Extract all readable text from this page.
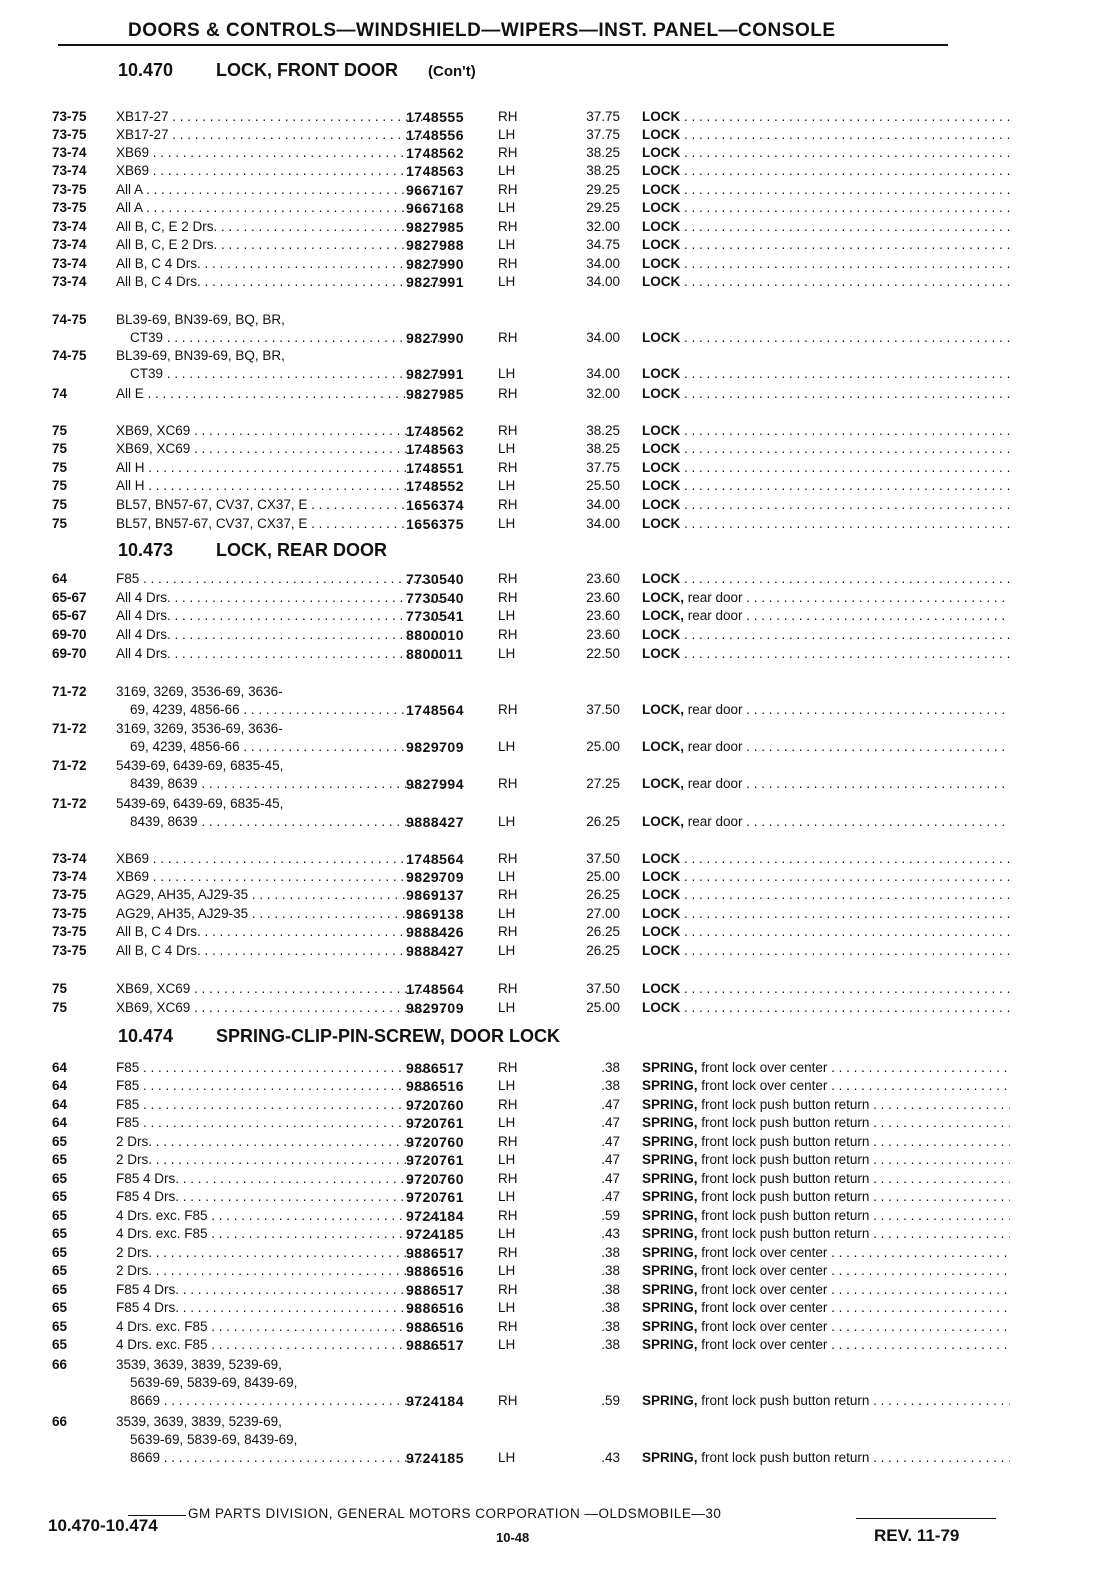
DOORS & CONTROLS—WINDSHIELD—WIPERS—INST. PANEL—CONSOLE
10.470 LOCK, FRONT DOOR (Con't)
10.473 LOCK, REAR DOOR
10.474 SPRING-CLIP-PIN-SCREW, DOOR LOCK
73-75 XB17-27 . . .	1748555	RH	37.75 LOCK . . .
73-75 XB17-27 . . .	1748556	LH	37.75 LOCK . . .
73-74 XB69 . . .	1748562	RH	38.25 LOCK . . .
73-74 XB69 . . .	1748563	LH	38.25 LOCK . . .
73-75 All A . . .	9667167	RH	29.25 LOCK . . .
73-75 All A . . .	9667168	LH	29.25 LOCK . . .
73-74 All B, C, E 2 Drs. . . .	9827985	RH	32.00 LOCK . . .
73-74 All B, C, E 2 Drs. . . .	9827988	LH	34.75 LOCK . . .
73-74 All B, C 4 Drs. . . .	9827990	RH	34.00 LOCK . . .
73-74 All B, C 4 Drs. . . .	9827991	LH	34.00 LOCK . . .
74-75 BL39-69, BN39-69, BQ, BR,
CT39 . . .	9827990	RH	34.00 LOCK . . .
74-75 BL39-69, BN39-69, BQ, BR,
CT39 . . .	9827991	LH	34.00 LOCK . . .
74	All E . . .	9827985	RH	32.00 LOCK . . .
75	XB69, XC69 . . .	1748562	RH	38.25 LOCK . . .
75	XB69, XC69 . . .	1748563	LH	38.25 LOCK . . .
75	All H . . .	1748551	RH	37.75 LOCK . . .
75	All H . . .	1748552	LH	25.50 LOCK . . .
75	BL57, BN57-67, CV37, CX37, E . . .	1656374	RH	34.00 LOCK . . .
75	BL57, BN57-67, CV37, CX37, E . . .	1656375	LH	34.00 LOCK . . .
64	F85 . . .	7730540	RH	23.60 LOCK . . .
65-67 All 4 Drs. . . .	7730540	RH	23.60 LOCK, rear door . . .
65-67 All 4 Drs. . . .	7730541	LH	23.60 LOCK, rear door . . .
69-70 All 4 Drs. . . .	8800010	RH	23.60 LOCK . . .
69-70 All 4 Drs. . . .	8800011	LH	22.50 LOCK . . .
71-72 3169, 3269, 3536-69, 3636-
69, 4239, 4856-66 . . .	1748564	RH	37.50 LOCK, rear door . . .
71-72 3169, 3269, 3536-69, 3636-
69, 4239, 4856-66 . . .	9829709	LH	25.00 LOCK, rear door . . .
71-72 5439-69, 6439-69, 6835-45,
8439, 8639 . . .	9827994	RH	27.25 LOCK, rear door . . .
71-72 5439-69, 6439-69, 6835-45,
8439, 8639 . . .	9888427	LH	26.25 LOCK, rear door . . .
73-74 XB69 . . .	1748564	RH	37.50 LOCK . . .
73-74 XB69 . . .	9829709	LH	25.00 LOCK . . .
73-75 AG29, AH35, AJ29-35 . . .	9869137	RH	26.25 LOCK . . .
73-75 AG29, AH35, AJ29-35 . . .	9869138	LH	27.00 LOCK . . .
73-75 All B, C 4 Drs. . . .	9888426	RH	26.25 LOCK . . .
73-75 All B, C 4 Drs. . . .	9888427	LH	26.25 LOCK . . .
75	XB69, XC69 . . .	1748564	RH	37.50 LOCK . . .
75	XB69, XC69 . . .	9829709	LH	25.00 LOCK . . .
64	F85 . . .	9886517	RH	.38 SPRING, front lock over center . . .
64	F85 . . .	9886516	LH	.38 SPRING, front lock over center . . .
64	F85 . . .	9720760	RH	.47 SPRING, front lock push button return . . .
64	F85 . . .	9720761	LH	.47 SPRING, front lock push button return . . .
65	2 Drs. . . .	9720760	RH	.47 SPRING, front lock push button return . . .
65	2 Drs. . . .	9720761	LH	.47 SPRING, front lock push button return . . .
65	F85 4 Drs. . . .	9720760	RH	.47 SPRING, front lock push button return . . .
65	F85 4 Drs. . . .	9720761	LH	.47 SPRING, front lock push button return . . .
65	4 Drs. exc. F85 . . .	9724184	RH	.59 SPRING, front lock push button return . . .
65	4 Drs. exc. F85 . . .	9724185	LH	.43 SPRING, front lock push button return . . .
65	2 Drs. . . .	9886517	RH	.38 SPRING, front lock over center . . .
65	2 Drs. . . .	9886516	LH	.38 SPRING, front lock over center . . .
65	F85 4 Drs. . . .	9886517	RH	.38 SPRING, front lock over center . . .
65	F85 4 Drs. . . .	9886516	LH	.38 SPRING, front lock over center . . .
65	4 Drs. exc. F85 . . .	9886516	RH	.38 SPRING, front lock over center . . .
65	4 Drs. exc. F85 . . .	9886517	LH	.38 SPRING, front lock over center . . .
66	3539, 3639, 3839, 5239-69,
5639-69, 5839-69, 8439-69,
8669 . . .	9724184	RH	.59 SPRING, front lock push button return . . .
66	3539, 3639, 3839, 5239-69,
5639-69, 5839-69, 8439-69,
8669 . . .	9724185	LH	.43 SPRING, front lock push button return . . .
GM PARTS DIVISION, GENERAL MOTORS CORPORATION —OLDSMOBILE—30
10.470-10.474
10-48	REV. 11-79
